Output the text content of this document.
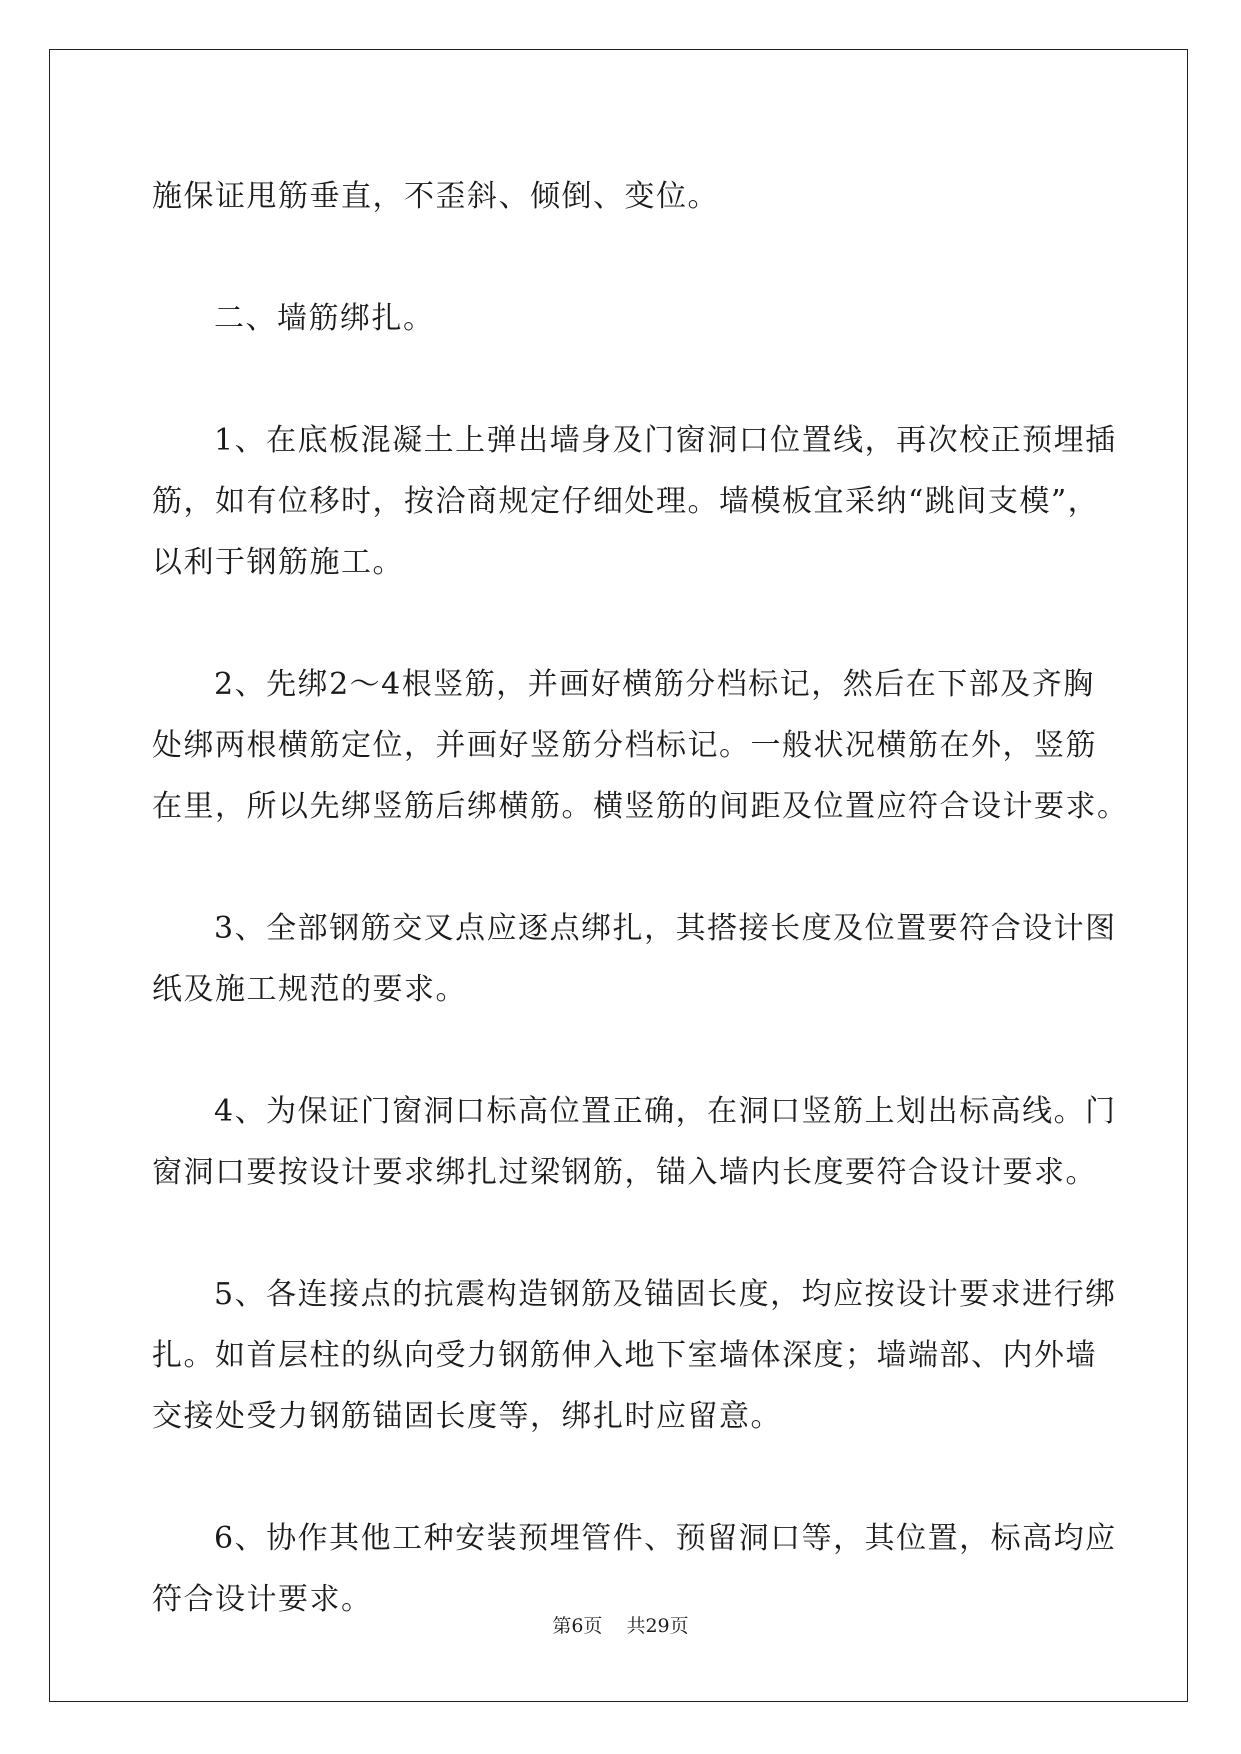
施保证甩筋垂直，不歪斜、倾倒、变位。
二、墙筋绑扎。
1、在底板混凝土上弹出墙身及门窗洞口位置线，再次校正预埋插
筋，如有位移时，按洽商规定仔细处理。墙模板宜采纳“跳间支模”，
以利于钢筋施工。
2、先绑2～4根竖筋，并画好横筋分档标记，然后在下部及齐胸
处绑两根横筋定位，并画好竖筋分档标记。一般状况横筋在外，竖筋
在里，所以先绑竖筋后绑横筋。横竖筋的间距及位置应符合设计要求。
3、全部钢筋交叉点应逐点绑扎，其搭接长度及位置要符合设计图
纸及施工规范的要求。
4、为保证门窗洞口标高位置正确，在洞口竖筋上划出标高线。门
窗洞口要按设计要求绑扎过梁钢筋，锚入墙内长度要符合设计要求。
5、各连接点的抗震构造钢筋及锚固长度，均应按设计要求进行绑
扎。如首层柱的纵向受力钢筋伸入地下室墙体深度；墙端部、内外墙
交接处受力钢筋锚固长度等，绑扎时应留意。
6、协作其他工种安装预埋管件、预留洞口等，其位置，标高均应
符合设计要求。
第6页 共29页
